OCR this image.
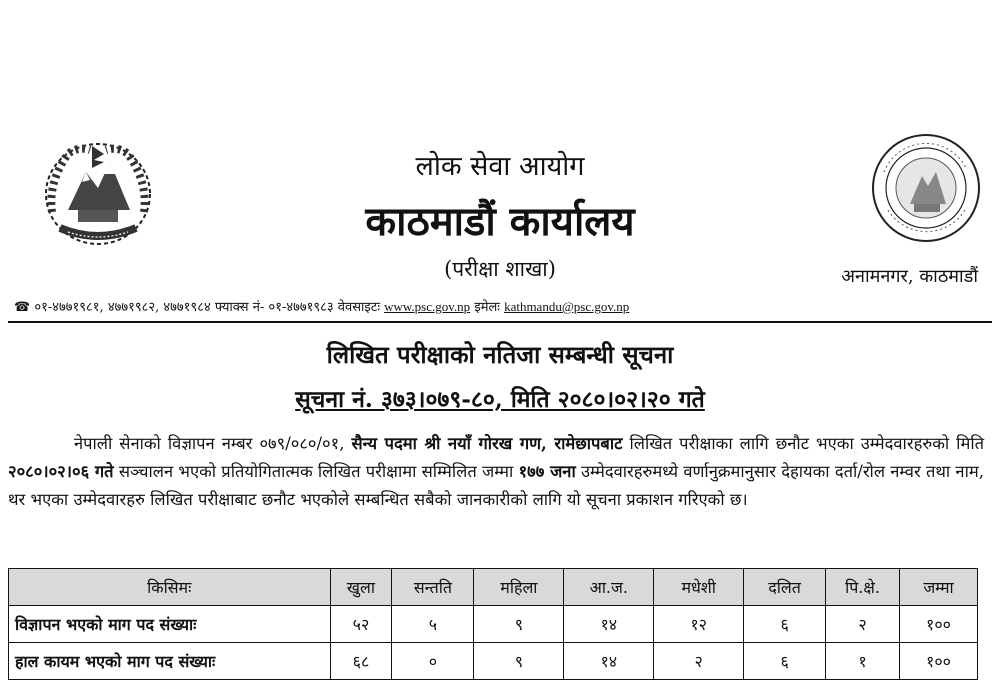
लोक सेवा आयोग
काठमाडौं कार्यालय
(परीक्षा शाखा)	अनामनगर, काठमाडौं
☎ ०१-४७७१९८१, ४७७१९८२, ४७७१९८४ फ्याक्स नं- ०१-४७७१९८३ वेवसाइटः www.psc.gov.np इमेलः kathmandu@psc.gov.np
लिखित परीक्षाको नतिजा सम्बन्धी सूचना
सूचना नं. ३७३।०७९-८०, मिति २०८०।०२।२० गते

नेपाली सेनाको विज्ञापन नम्बर ०७९/०८०/०१, सैन्य पदमा श्री नयाँ गोरख गण, रामेछापबाट लिखित परीक्षाका लागि छनौट भएका उम्मेदवारहरुको मिति २०८०।०२।०६ गते सञ्चालन भएको प्रतियोगितात्मक लिखित परीक्षामा सम्मिलित जम्मा १७७ जना उम्मेदवारहरुमध्ये वर्णानुक्रमानुसार देहायका दर्ता/रोल नम्वर तथा नाम, थर भएका उम्मेदवारहरु लिखित परीक्षाबाट छनौट भएकोले सम्बन्धित सबैको जानकारीको लागि यो सूचना प्रकाशन गरिएको छ।

किसिमः	खुला	सन्तति	महिला	आ.ज.	मधेशी	दलित	पि.क्षे.	जम्मा
विज्ञापन भएको माग पद संख्याः	५२	५	९	१४	१२	६	२	१००
हाल कायम भएको माग पद संख्याः	६८	०	९	१४	२	६	१	१००
